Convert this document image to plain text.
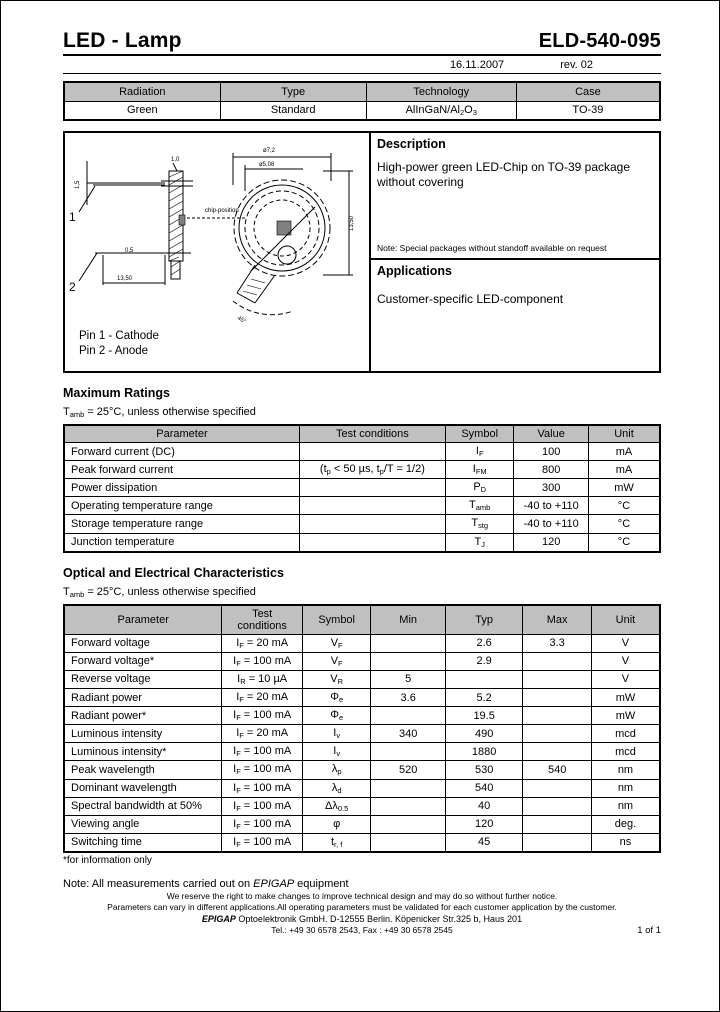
LED - Lamp	ELD-540-095
16.11.2007	rev. 02
Radiation	Type	Technology	Case
Green	Standard	AlInGaN/$Al_2O_3$	TO-39
ø7,2
ø5,08
13,50
1,5
0,5
13,50
chip-position
45°
1,0
1
2
Pin 1 - Cathode
Pin 2 - Anode
Description
High-power green LED-Chip on TO-39 package without covering
Note: Special packages without standoff available on request
Applications
Customer-specific LED-component
Maximum Ratings
$T_{amb} = 25^\circ C$, unless otherwise specified
Parameter	Test conditions	Symbol	Value	Unit
Forward current (DC)		$I_F$	100	mA
Peak forward current	($t_p < 50$ µs, $t_p/T = 1/2$)	$I_{FM}$	800	mA
Power dissipation		$P_D$	300	mW
Operating temperature range		$T_{amb}$	-40 to +110	°C
Storage temperature range		$T_{stg}$	-40 to +110	°C
Junction temperature		$T_J$	120	°C
Optical and Electrical Characteristics
$T_{amb} = 25^\circ C$, unless otherwise specified
Parameter	Test
conditions	Symbol	Min	Typ	Max	Unit
Forward voltage	$I_F = 20$ mA	$V_F$		2.6	3.3	V
Forward voltage*	$I_F = 100$ mA	$V_F$		2.9		V
Reverse voltage	$I_R = 10$ µA	$V_R$	5			V
Radiant power	$I_F = 20$ mA	$\Phi_e$	3.6	5.2		mW
Radiant power*	$I_F = 100$ mA	$\Phi_e$		19.5		mW
Luminous intensity	$I_F = 20$ mA	$I_v$	340	490		mcd
Luminous intensity*	$I_F = 100$ mA	$I_v$		1880		mcd
Peak wavelength	$I_F = 100$ mA	$\lambda_p$	520	530	540	nm
Dominant wavelength	$I_F = 100$ mA	$\lambda_d$		540		nm
Spectral bandwidth at 50%	$I_F = 100$ mA	$\Delta\lambda_{0.5}$		40		nm
Viewing angle	$I_F = 100$ mA	φ		120		deg.
Switching time	$I_F = 100$ mA	$t_{r, f}$		45		ns
*for information only
Note: All measurements carried out on EPIGAP equipment
We reserve the right to make changes to improve technical design and may do so without further notice.
Parameters can vary in different applications.All operating parameters must be validated for each customer application by the customer.
EPIGAP Optoelektronik GmbH. D-12555 Berlin. Köpenicker Str.325 b, Haus 201
Tel.: +49 30 6578 2543, Fax : +49 30 6578 2545	1 of 1
